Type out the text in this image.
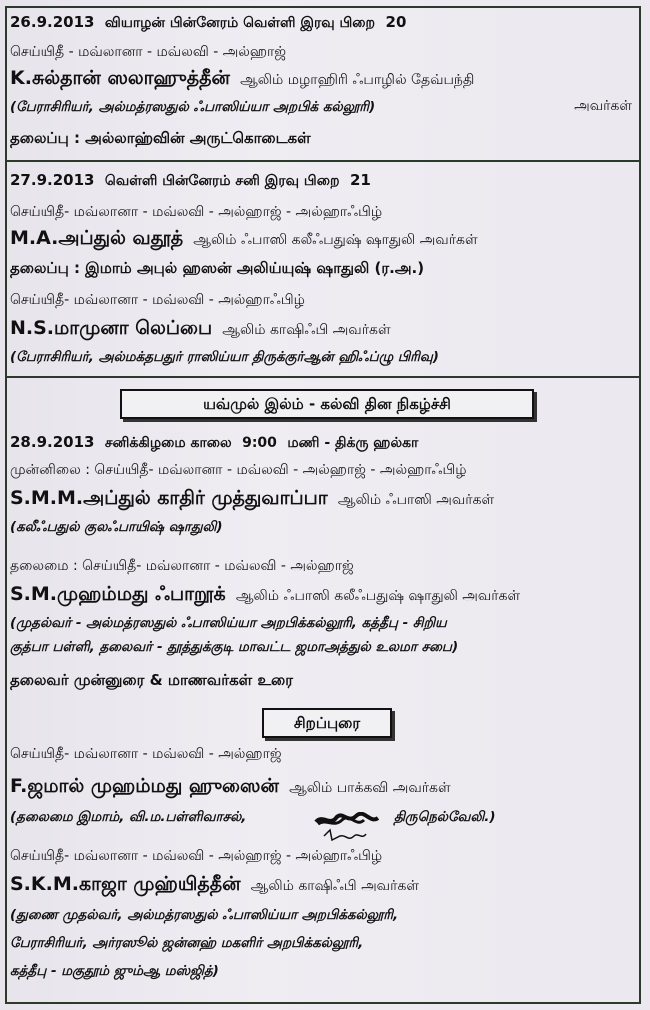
26.9.2013 வியாழன் பின்னேரம் வெள்ளி இரவு பிறை 20
செய்யிதீ - மவ்லானா - மவ்லவி - அல்ஹாஜ்
K.சுல்தான் ஸலாஹுத்தீன் ஆலிம் மழாஹிரி ஃபாழில் தேவ்பந்தி
(பேராசிரியர், அல்மத்ரஸதுல் ஃபாஸிய்யா அறபிக் கல்லூரி)	அவர்கள்
தலைப்பு : அல்லாஹ்வின் அருட்கொடைகள்
27.9.2013 வெள்ளி பின்னேரம் சனி இரவு பிறை 21
செய்யிதீ- மவ்லானா - மவ்லவி - அல்ஹாஜ் - அல்ஹாஃபிழ்
M.A.அப்துல் வதூத் ஆலிம் ஃபாஸி கலீஃபதுஷ் ஷாதுலி அவர்கள்
தலைப்பு : இமாம் அபுல் ஹஸன் அலிய்யுஷ் ஷாதுலி (ர.அ.)
செய்யிதீ- மவ்லானா - மவ்லவி - அல்ஹாஃபிழ்
N.S.மாமுனா லெப்பை ஆலிம் காஷிஃபி அவர்கள்
(பேராசிரியர், அல்மக்தபதுர் ராஸிய்யா திருக்குர்ஆன் ஹிஃப்ழு பிரிவு)
யவ்முல் இல்ம் - கல்வி தின நிகழ்ச்சி
28.9.2013 சனிக்கிழமை காலை 9:00 மணி - திக்ரு ஹல்கா
முன்னிலை : செய்யிதீ- மவ்லானா - மவ்லவி - அல்ஹாஜ் - அல்ஹாஃபிழ்
S.M.M.அப்துல் காதிர் முத்துவாப்பா ஆலிம் ஃபாஸி அவர்கள்
(கலீஃபதுல் குலஃபாயிஷ் ஷாதுலி)
தலைமை : செய்யிதீ- மவ்லானா - மவ்லவி - அல்ஹாஜ்
S.M.முஹம்மது ஃபாறூக் ஆலிம் ஃபாஸி கலீஃபதுஷ் ஷாதுலி அவர்கள்
(முதல்வர் - அல்மத்ரஸதுல் ஃபாஸிய்யா அறபிக்கல்லூரி, கத்தீபு - சிறிய
குத்பா பள்ளி, தலைவர் - தூத்துக்குடி மாவட்ட ஜமாஅத்துல் உலமா சபை)
தலைவர் முன்னுரை & மாணவர்கள் உரை
சிறப்புரை
செய்யிதீ- மவ்லானா - மவ்லவி - அல்ஹாஜ்
F.ஜமால் முஹம்மது ஹுஸைன் ஆலிம் பாக்கவி அவர்கள்
(தலைமை இமாம், வி.ம.பள்ளிவாசல்,	திருநெல்வேலி.)
செய்யிதீ- மவ்லானா - மவ்லவி - அல்ஹாஜ் - அல்ஹாஃபிழ்
S.K.M.காஜா முஹ்யித்தீன் ஆலிம் காஷிஃபி அவர்கள்
(துணை முதல்வர், அல்மத்ரஸதுல் ஃபாஸிய்யா அறபிக்கல்லூரி,
பேராசிரியர், அர்ரஸூல் ஜன்னஹ் மகளிர் அறபிக்கல்லூரி,
கத்தீபு - மகுதூம் ஜும்ஆ மஸ்ஜித்)
